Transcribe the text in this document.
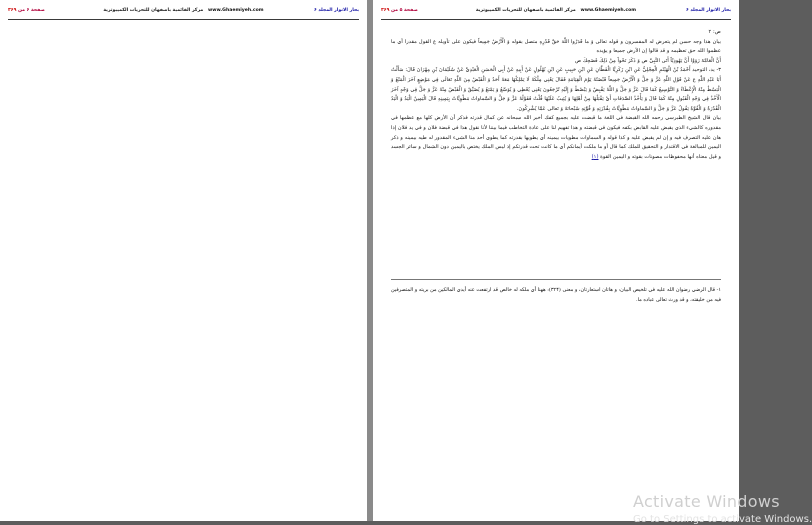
بحار الانوار المجلد ۶
www.Ghaemiyeh.com   مرکز القائمیة باصفهان للتحریات الکمپیوتریة
صفحة ۶ من ۳۶۹	بحار الانوار المجلد ۶
www.Ghaemiyeh.com   مرکز القائمیة باصفهان للتحریات الکمپیوتریة
صفحة ۵ من ۳۶۹

ص: ۲

بيان هذا وجه حسن لم يتعرض له المفسرون و قوله تعالى وَ ما قَدَرُوا اللَّهَ حَقَّ قَدْرِهِ متصل بقوله وَ الْأَرْضُ جَمِيعاً فيكون على تأويله ع القول مقدرا أي ما عظموا الله حق تعظيمه و قد قالوا إن الأرض جميعا و يؤيده

أَنَّ الْعَامَّةَ رَوَوْا أَنَّ يَهُودِيّاً أَتَى النَّبِيَّ ص وَ ذَكَرَ نَحْواً مِنْ ذَلِكَ فَضَحِكَ ص

۳- يد، التوحيد أَحْمَدُ بْنُ الْهَيْثَمِ الْعِجْلِيُّ عَنِ ابْنِ زَكَرِيَّا الْقَطَّانِ عَنِ ابْنِ حَبِيبٍ عَنِ ابْنِ بُهْلُولٍ عَنْ أَبِيهِ عَنْ أَبِي الْحَسَنِ الْعَبْدِيِّ عَنْ سُلَيْمَانَ بْنِ مِهْرَانَ قَالَ: سَأَلْتُ أَبَا عَبْدِ اللَّهِ ع عَنْ قَوْلِ اللَّهِ عَزَّ وَ جَلَّ وَ الْأَرْضُ جَمِيعاً قَبْضَتُهُ يَوْمَ الْقِيَامَةِ فَقَالَ يَعْنِي مِلْكَهُ لَا يَمْلِكُهَا مَعَهُ أَحَدٌ وَ الْقَبْضُ مِنَ اللَّهِ تَعَالَى فِي مَوْضِعٍ آخَرَ الْمَنْعُ وَ الْبَسْطُ مِنْهُ الْإِعْطَاءُ وَ التَّوْسِيعُ كَمَا قَالَ عَزَّ وَ جَلَّ وَ اللَّهُ يَقْبِضُ وَ يَبْصُطُ وَ إِلَيْهِ تُرْجَعُونَ يَعْنِي يُعْطِي وَ يُوَسِّعُ وَ يَمْنَعُ وَ يُضَيِّقُ وَ الْقَبْضُ مِنْهُ عَزَّ وَ جَلَّ فِي وَجْهٍ آخَرَ الْأَخْذُ فِي وَجْهِ الْقَبُولِ مِنْهُ كَمَا قَالَ وَ يَأْخُذُ الصَّدَقاتِ أَيْ يَقْبَلُهَا مِنْ أَهْلِهَا وَ يُثِيبُ عَلَيْهَا قُلْتُ فَقَوْلُهُ عَزَّ وَ جَلَّ وَ السَّماواتُ مَطْوِيَّاتٌ بِيَمِينِهِ قَالَ الْيَمِينُ الْيَدُ وَ الْيَدُ الْقُدْرَةُ وَ الْقُوَّةُ يَقُولُ عَزَّ وَ جَلَّ وَ السَّماواتُ مَطْوِيَّاتٌ بِقُدْرَتِهِ وَ قُوَّتِهِ سُبْحانَهُ وَ تَعالى عَمَّا يُشْرِكُونَ.

بيان قال الشيخ الطبرسي رحمه الله القبضة في اللغة ما قبضت عليه بجميع كفك أخبر الله سبحانه عن كمال قدرته فذكر أن الأرض كلها مع عظمها في مقدوره كالشيء الذي يقبض عليه القابض بكفه فيكون في قبضته و هذا تفهيم لنا على عادة التخاطب فيما بيننا لأنا نقول هذا في قبضة فلان و في يد فلان إذا هان عليه التصرف فيه و إن لم يقبض عليه و كذا قوله و السماوات مطويات بيمينه أي يطويها بقدرته كما يطوي أحد منا الشيء المقدور له طيه بيمينه و ذكر اليمين للمبالغة في الاقتدار و التحقيق للملك كما قال أو ما ملكت أيمانكم أي ما كانت تحت قدرتكم إذ ليس الملك يختص باليمين دون الشمال و سائر الجسد و قيل معناه أنها محفوظات مصونات بقوته و اليمين القوة (۱)

۱- قال الرضي رضوان الله عليه في تلخيص البيان: و هاتان استعارتان، و معنى (۳۲۴): ههنا أي ملكه له خالص قد ارتفعت عنه أيدي المالكين من بريته و المتصرفين فيه من خليقته، و قد ورث تعالى عباده ما.

Activate Windows
Go to Settings to activate Windows.
